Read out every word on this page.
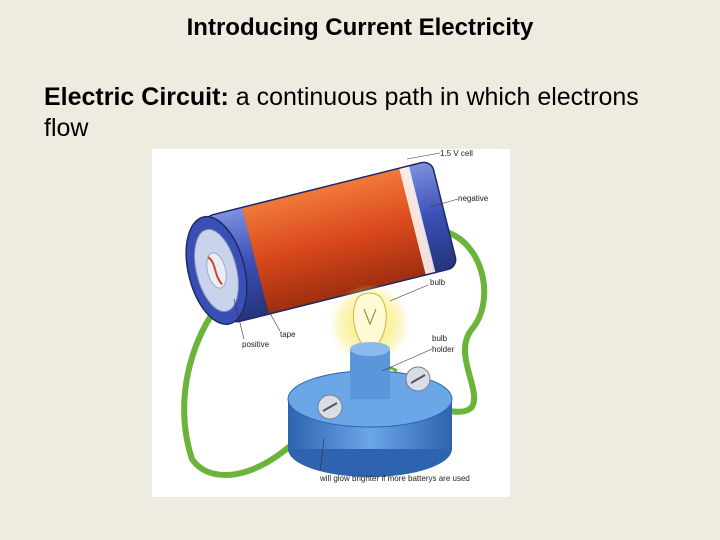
Introducing Current Electricity
Electric Circuit: a continuous path in which electrons flow
1.5 V cell
negative
bulb
tape
positive
bulb
holder
will glow brighter if more batterys are used
